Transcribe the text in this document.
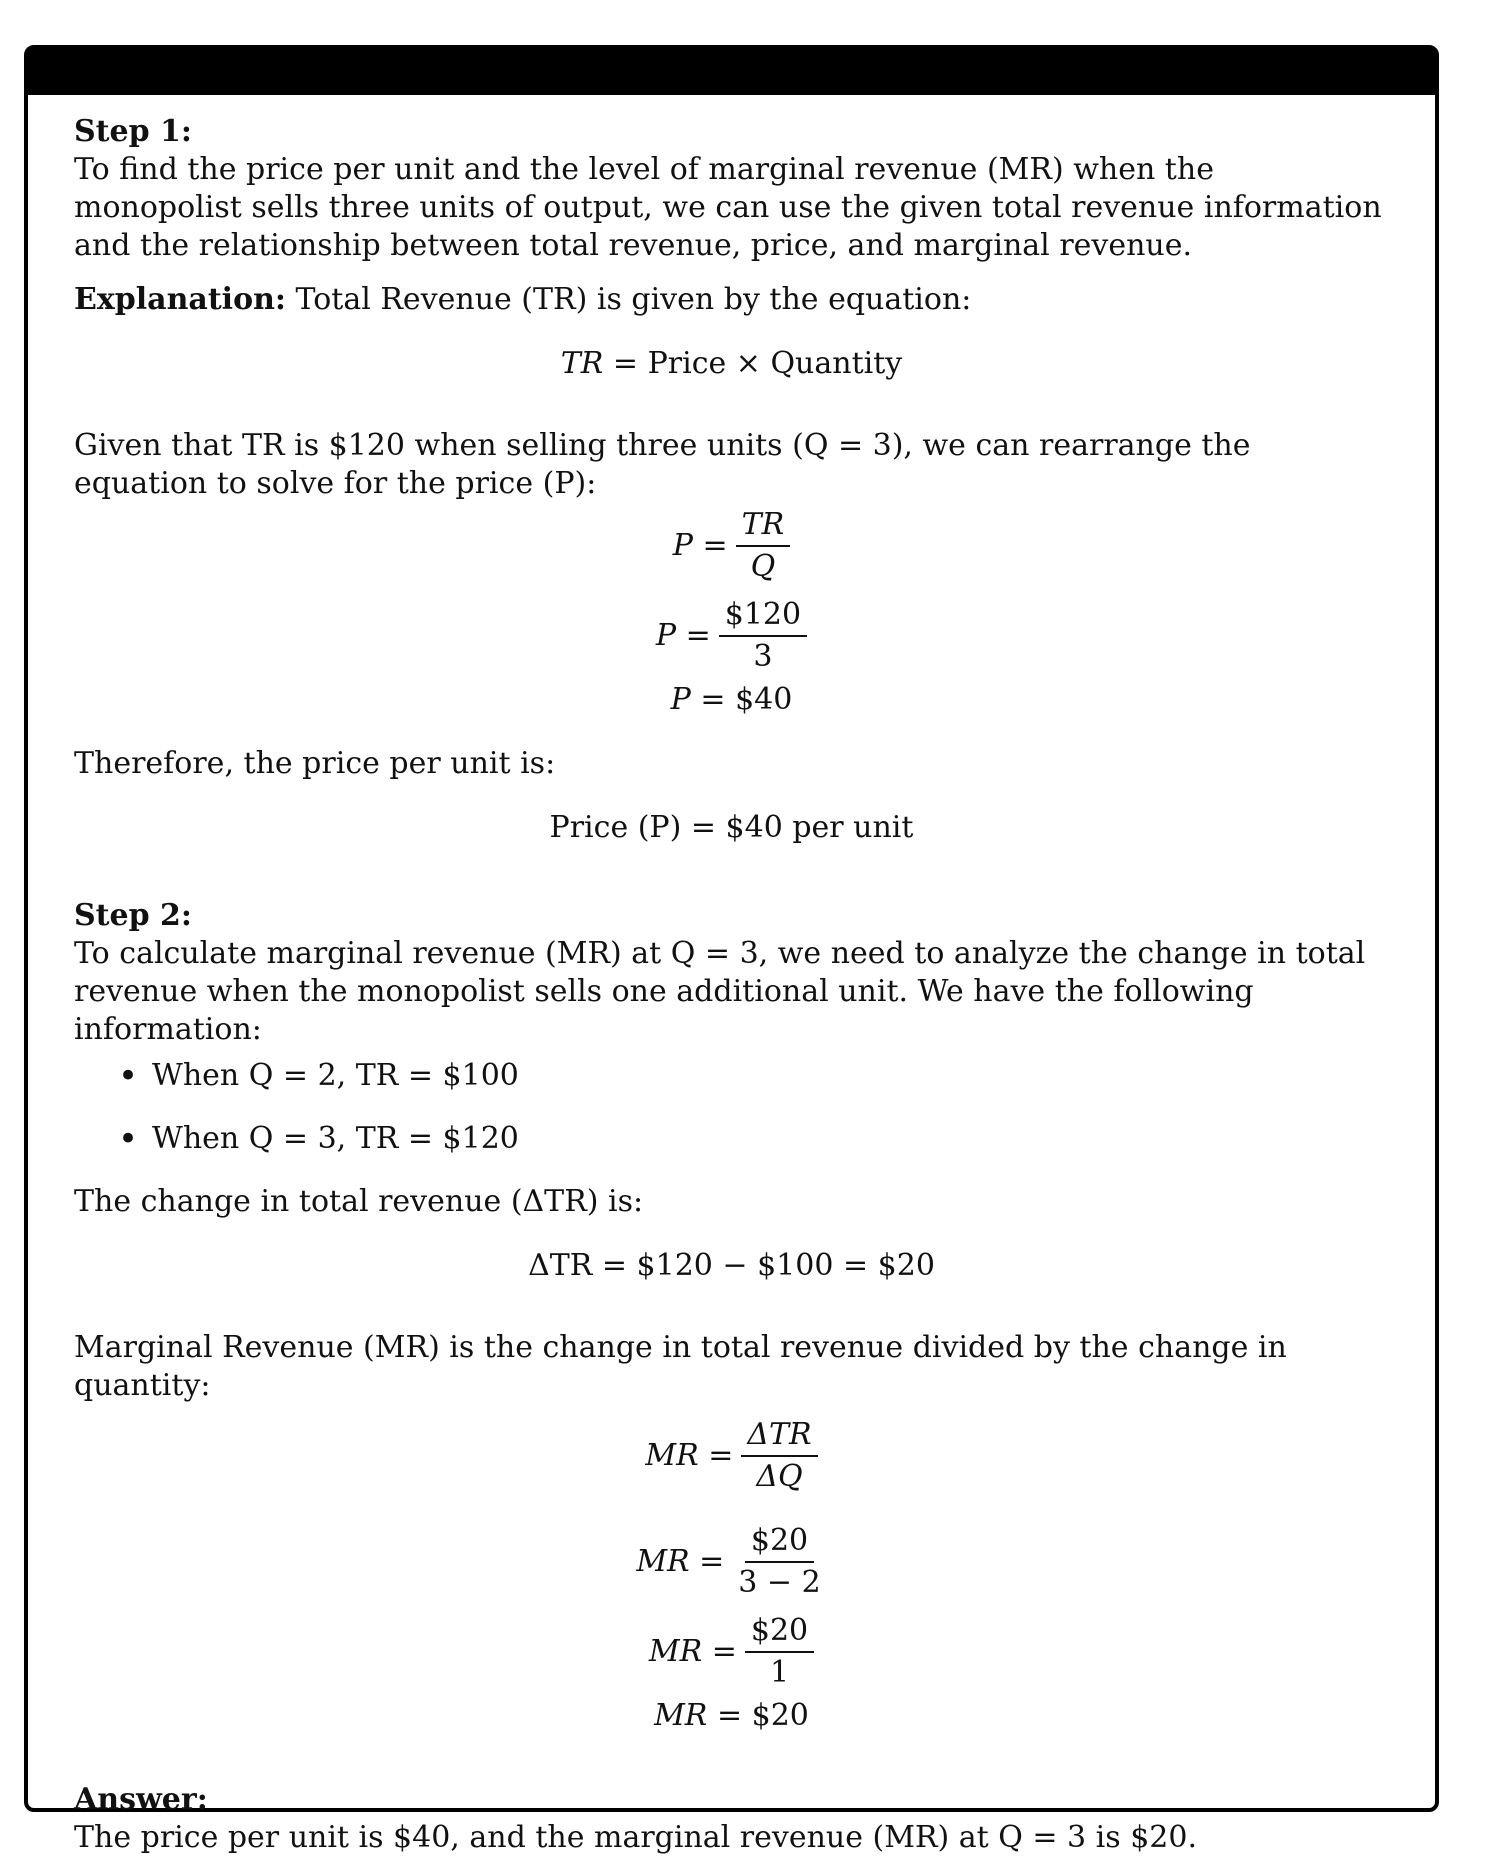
Step 1:

To find the price per unit and the level of marginal revenue (MR) when the monopolist sells three units of output, we can use the given total revenue information and the relationship between total revenue, price, and marginal revenue.

Explanation: Total Revenue (TR) is given by the equation:

TR = Price × Quantity

Given that TR is $120 when selling three units (Q = 3), we can rearrange the equation to solve for the price (P):

$P = \frac{TR}{Q}$
$P = \frac{\$120}{3}$

P = $40

Therefore, the price per unit is:

Price (P) = $40 per unit

Step 2:

To calculate marginal revenue (MR) at Q = 3, we need to analyze the change in total revenue when the monopolist sells one additional unit. We have the following information:

• When Q = 2, TR = $100
• When Q = 3, TR = $120

The change in total revenue (ΔTR) is:

ΔTR = $120 − $100 = $20

Marginal Revenue (MR) is the change in total revenue divided by the change in quantity:

MR = $\frac{\text{ΔTR}}{\Delta Q}$
MR = $\frac{\$20}{3 - 2}$
MR = $\frac{\$20}{1}$

MR = $20

Answer:

The price per unit is $40, and the marginal revenue (MR) at Q = 3 is $20.
